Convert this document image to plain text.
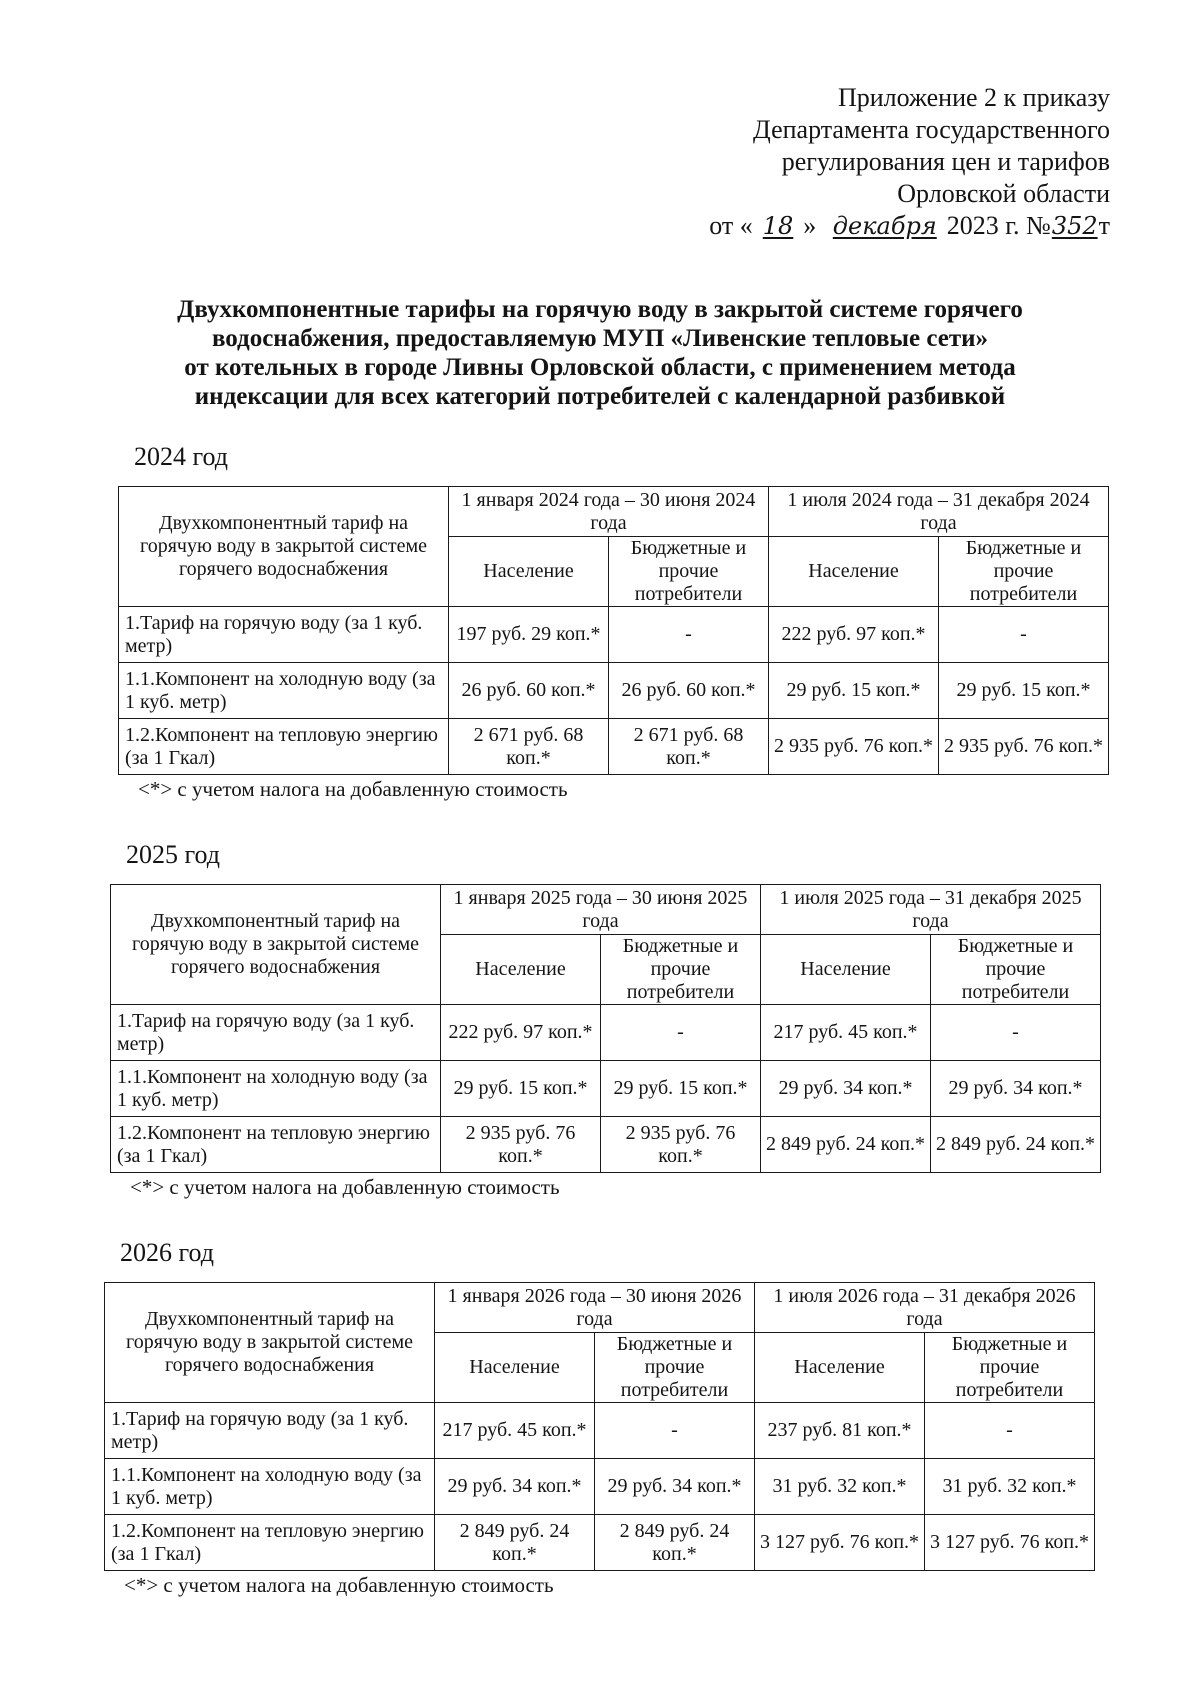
Приложение 2 к приказу
Департамента государственного
регулирования цен и тарифов
Орловской области
от « 18 » декабря 2023 г. №352т
Двухкомпонентные тарифы на горячую воду в закрытой системе горячего
водоснабжения, предоставляемую МУП «Ливенские тепловые сети»
от котельных в городе Ливны Орловской области, с применением метода
индексации для всех категорий потребителей с календарной разбивкой
2024 год
Двухкомпонентный тариф на горячую воду в закрытой системе горячего водоснабжения	1 января 2024 года – 30 июня 2024 года		1 июля 2024 года – 31 декабря 2024 года	
	Население	Бюджетные и прочие потребители	Население	Бюджетные и прочие потребители
1.Тариф на горячую воду (за 1 куб. метр)	197 руб. 29 коп.*	-	222 руб. 97 коп.*	-
1.1.Компонент на холодную воду (за 1 куб. метр)	26 руб. 60 коп.*	26 руб. 60 коп.*	29 руб. 15 коп.*	29 руб. 15 коп.*
1.2.Компонент на тепловую энергию (за 1 Гкал)	2 671 руб. 68 коп.*	2 671 руб. 68 коп.*	2 935 руб. 76 коп.*	2 935 руб. 76 коп.*
<*> с учетом налога на добавленную стоимость
2025 год
Двухкомпонентный тариф на горячую воду в закрытой системе горячего водоснабжения	1 января 2025 года – 30 июня 2025 года		1 июля 2025 года – 31 декабря 2025 года	
	Население	Бюджетные и прочие потребители	Население	Бюджетные и прочие потребители
1.Тариф на горячую воду (за 1 куб. метр)	222 руб. 97 коп.*	-	217 руб. 45 коп.*	-
1.1.Компонент на холодную воду (за 1 куб. метр)	29 руб. 15 коп.*	29 руб. 15 коп.*	29 руб. 34 коп.*	29 руб. 34 коп.*
1.2.Компонент на тепловую энергию (за 1 Гкал)	2 935 руб. 76 коп.*	2 935 руб. 76 коп.*	2 849 руб. 24 коп.*	2 849 руб. 24 коп.*
<*> с учетом налога на добавленную стоимость
2026 год
Двухкомпонентный тариф на горячую воду в закрытой системе горячего водоснабжения	1 января 2026 года – 30 июня 2026 года		1 июля 2026 года – 31 декабря 2026 года	
	Население	Бюджетные и прочие потребители	Население	Бюджетные и прочие потребители
1.Тариф на горячую воду (за 1 куб. метр)	217 руб. 45 коп.*	-	237 руб. 81 коп.*	-
1.1.Компонент на холодную воду (за 1 куб. метр)	29 руб. 34 коп.*	29 руб. 34 коп.*	31 руб. 32 коп.*	31 руб. 32 коп.*
1.2.Компонент на тепловую энергию (за 1 Гкал)	2 849 руб. 24 коп.*	2 849 руб. 24 коп.*	3 127 руб. 76 коп.*	3 127 руб. 76 коп.*
<*> с учетом налога на добавленную стоимость
